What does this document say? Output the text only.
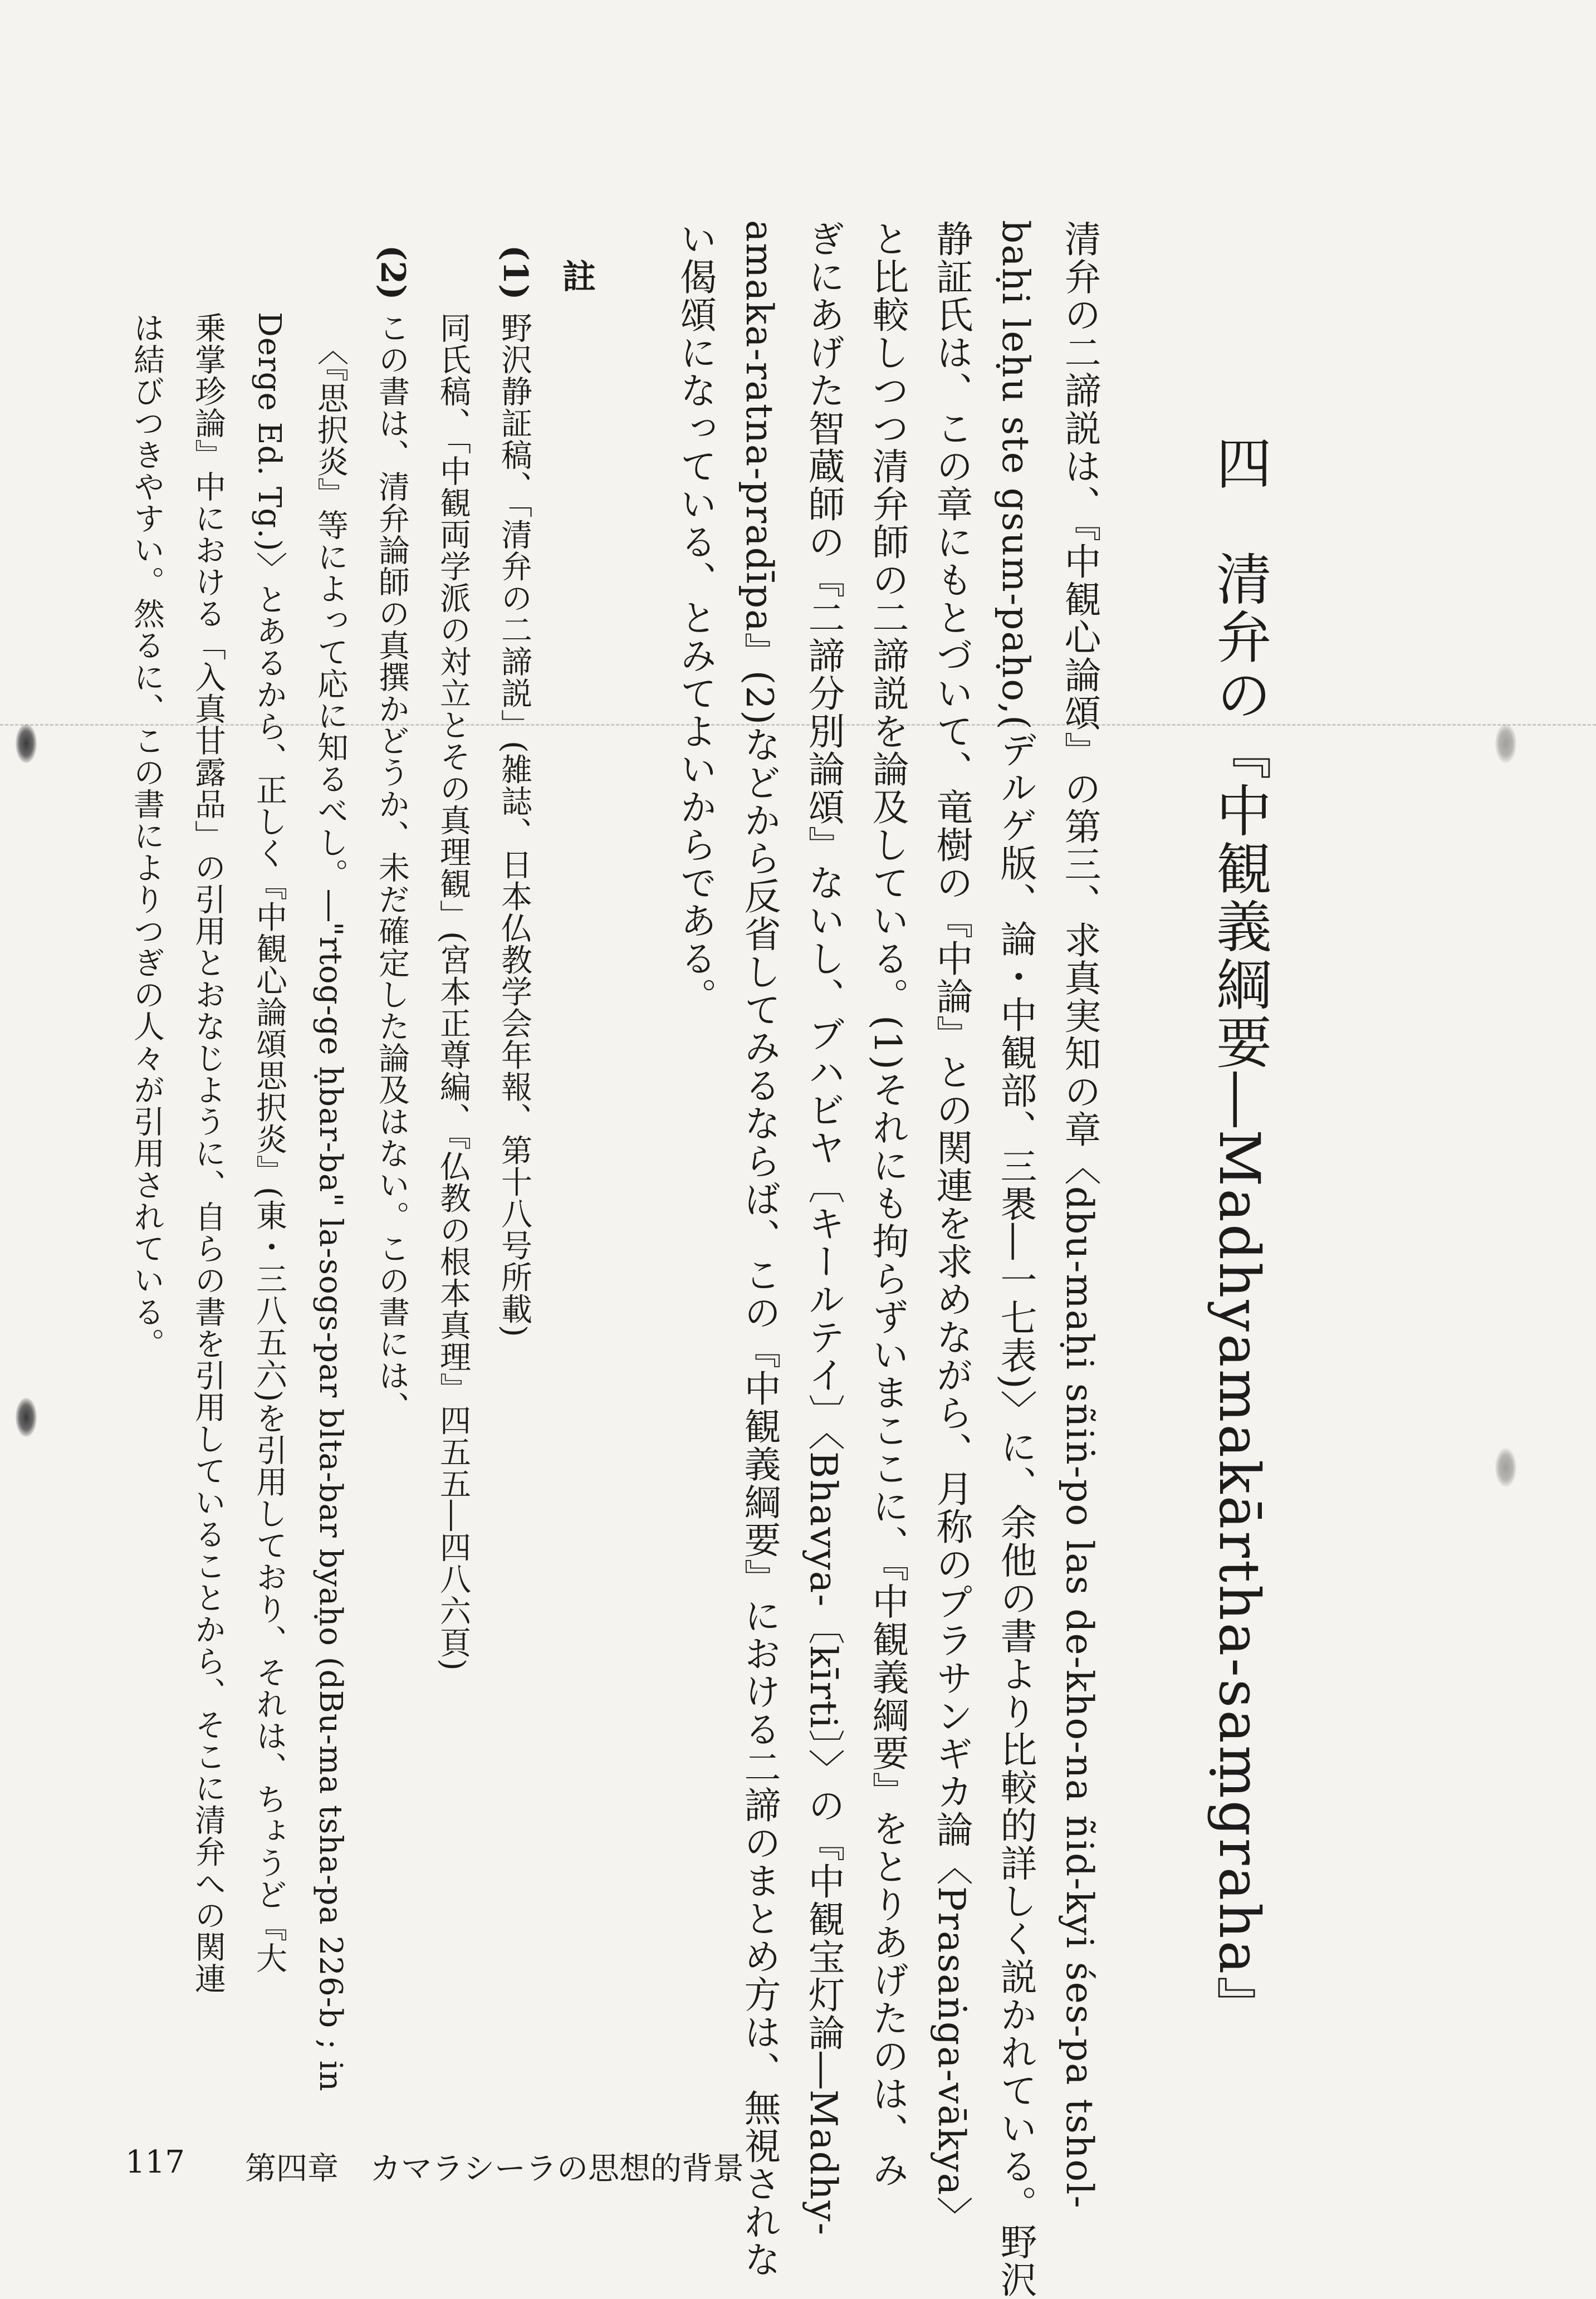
四　清弁の『中観義綱要―Madhyamakārtha-saṃgraha』
清弁の二諦説は、『中観心論頌』の第三、求真実知の章〈dbu-maḥi sñiṅ-po las de-kho-na ñid-kyi śes-pa tshol-
baḥi leḥu ste gsum-paḥo,(デルゲ版、論・中観部、三褁―一七表)〉に、余他の書より比較的詳しく説かれている。野沢
静証氏は、この章にもとづいて、竜樹の『中論』との関連を求めながら、月称のプラサンギカ論〈Prasaṅga-vākya〉
と比較しつつ清弁師の二諦説を論及している。(1)それにも拘らずいまここに、『中観義綱要』をとりあげたのは、み
ぎにあげた智蔵師の『二諦分別論頌』ないし、ブハビヤ〔キールテイ〕〈Bhavya-〔kīrti〕〉の『中観宝灯論―Madhy-
amaka-ratna-pradīpa』(2)などから反省してみるならば、この『中観義綱要』における二諦のまとめ方は、無視されな
い偈頌になっている、とみてよいからである。
註
(1)
野沢静証稿、「清弁の二諦説」(雑誌、日本仏教学会年報、第十八号所載)
同氏稿、「中観両学派の対立とその真理観」(宮本正尊編、『仏教の根本真理』四五五―四八六頁)
(2)
この書は、清弁論師の真撰かどうか、未だ確定した論及はない。この書には、
〈『思択炎』等によって応に知るべし。―"rtog-ge ḥbar-ba" la-sogs-par blta-bar byaḥo (dBu-ma tsha-pa 226-b ; in
Derge Ed. Tg.)〉とあるから、正しく『中観心論頌思択炎』(東・三八五六)を引用しており、それは、ちょうど『大
乗掌珍論』中における「入真甘露品」の引用とおなじように、自らの書を引用していることから、そこに清弁への関連
は結びつきやすい。然るに、この書によりつぎの人々が引用されている。
117 第四章　カマラシーラの思想的背景
